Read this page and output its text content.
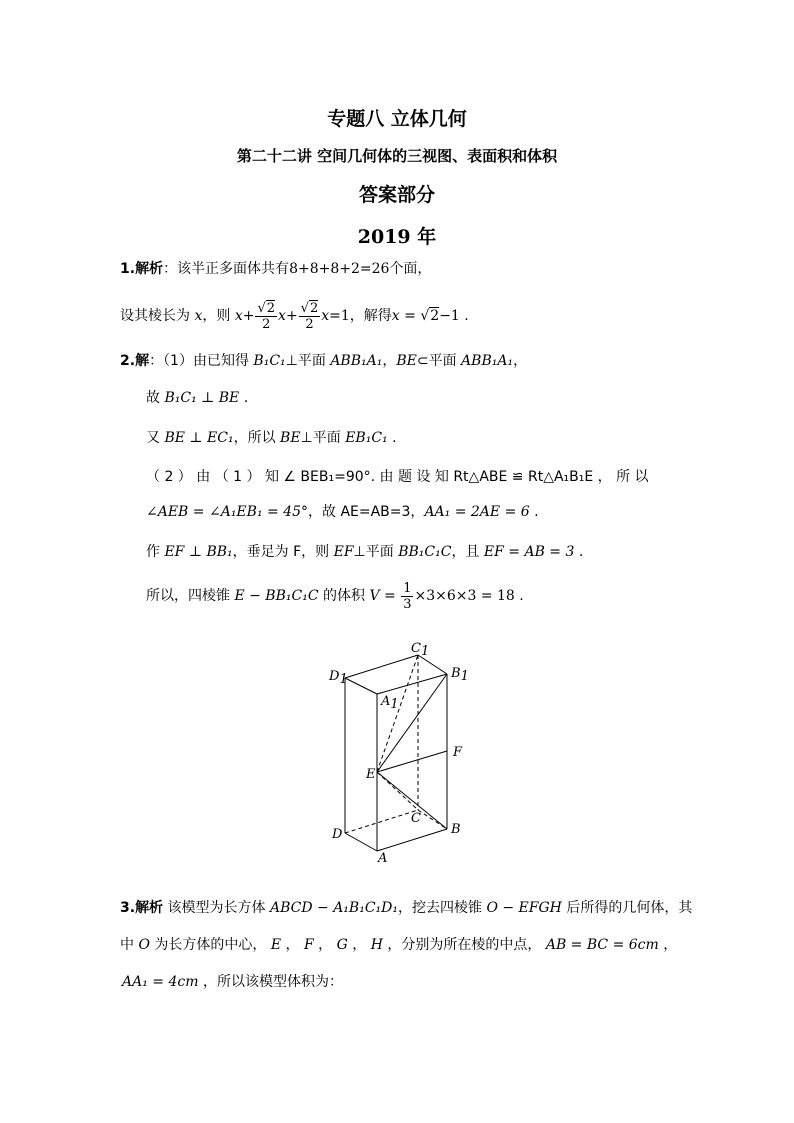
专题八 立体几何
第二十二讲 空间几何体的三视图、表面积和体积
答案部分
2019 年
1.解析：该半正多面体共有8+8+8+2=26个面，
设其棱长为 x，则 $x+ \frac{√2}{2} x+ \frac{√2}{2} x=1$，解得x = √2−1 .
2.解：（1）由已知得 B₁C₁⊥平面 ABB₁A₁，BE⊂平面 ABB₁A₁，
故 B₁C₁ ⊥ BE .
又 BE ⊥ EC₁，所以 BE⊥平面 EB₁C₁ .
（ 2 ） 由 （ 1 ） 知 ∠ BEB₁=90°. 由 题 设 知 Rt△ABE ≌ Rt△A₁B₁E ， 所 以
∠AEB = ∠A₁EB₁ = 45°，故 AE=AB=3，AA₁ = 2AE = 6 .
作 EF ⊥ BB₁，垂足为 F，则 EF⊥平面 BB₁C₁C，且 EF = AB = 3 .
所以，四棱锥 E − BB₁C₁C 的体积 $V = \frac{1}{3} \times 3\times 6\times 3 = 18$ .
C1
B1
D1
A1
F
E
C
D	B
A
3.解析 该模型为长方体 ABCD − A₁B₁C₁D₁，挖去四棱锥 O − EFGH 后所得的几何体，其
中 O 为长方体的中心， E ， F ， G ， H ，分别为所在棱的中点， AB = BC = 6cm ，
AA₁ = 4cm ，所以该模型体积为：
